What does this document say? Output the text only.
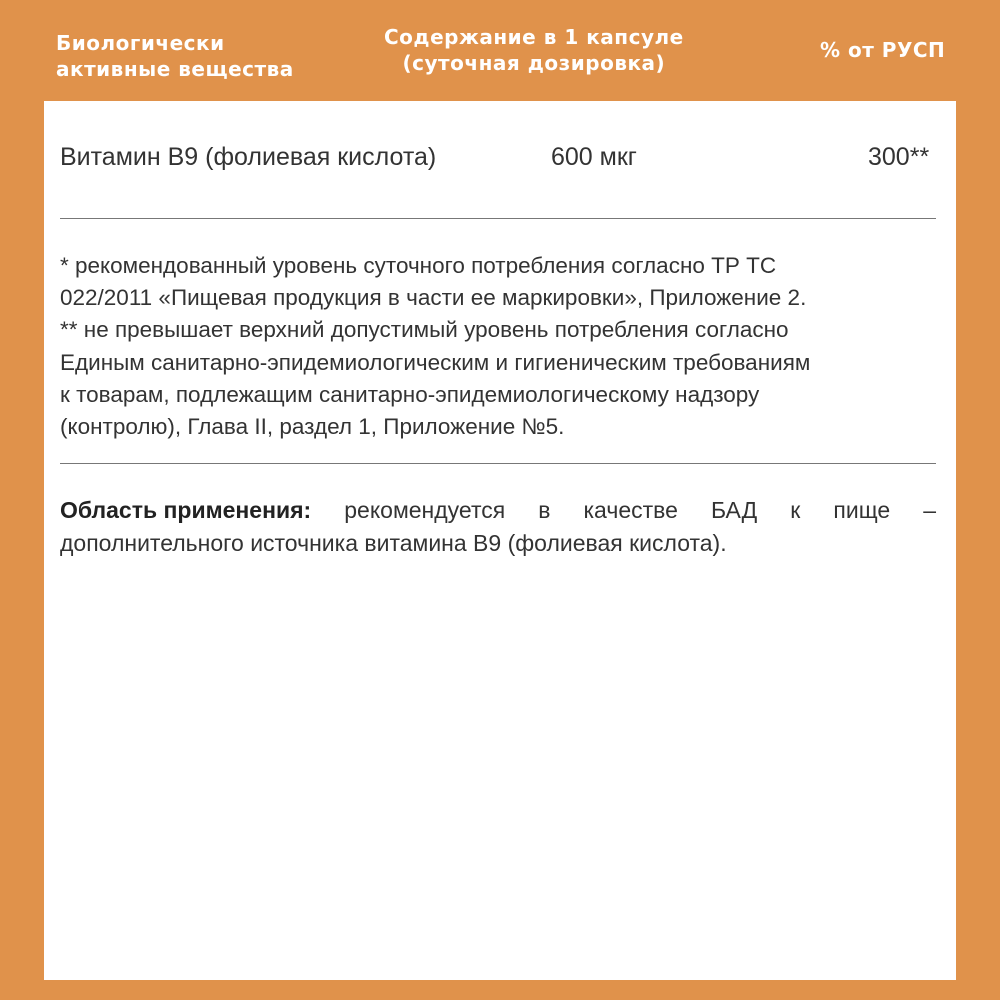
Биологически
активные вещества
Содержание в 1 капсуле
(суточная дозировка)
% от РУСП
Витамин B9 (фолиевая кислота)	600 мкг	300**
* рекомендованный уровень суточного потребления согласно ТР ТС
022/2011 «Пищевая продукция в части ее маркировки», Приложение 2.
** не превышает верхний допустимый уровень потребления согласно
Единым санитарно-эпидемиологическим и гигиеническим требованиям
к товарам, подлежащим санитарно-эпидемиологическому надзору
(контролю), Глава II, раздел 1, Приложение №5.
Область применения: рекомендуется в качестве БАД к пище –
дополнительного источника витамина B9 (фолиевая кислота).
